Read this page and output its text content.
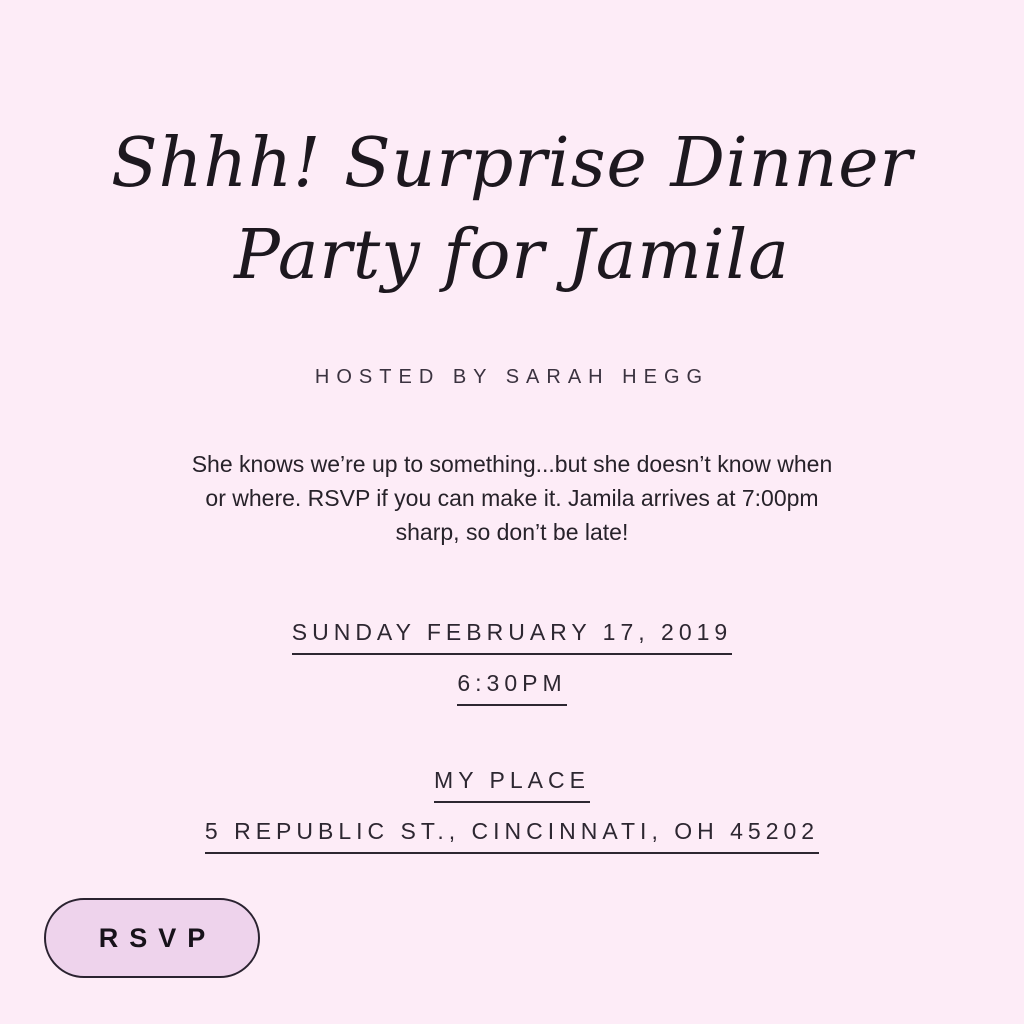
Shhh! Surprise Dinner
Party for Jamila
HOSTED BY SARAH HEGG

She knows we’re up to something...but she doesn’t know when or where. RSVP if you can make it. Jamila arrives at 7:00pm sharp, so don’t be late!

SUNDAY FEBRUARY 17, 2019
6:30PM
MY PLACE
5 REPUBLIC ST., CINCINNATI, OH 45202
RSVP
